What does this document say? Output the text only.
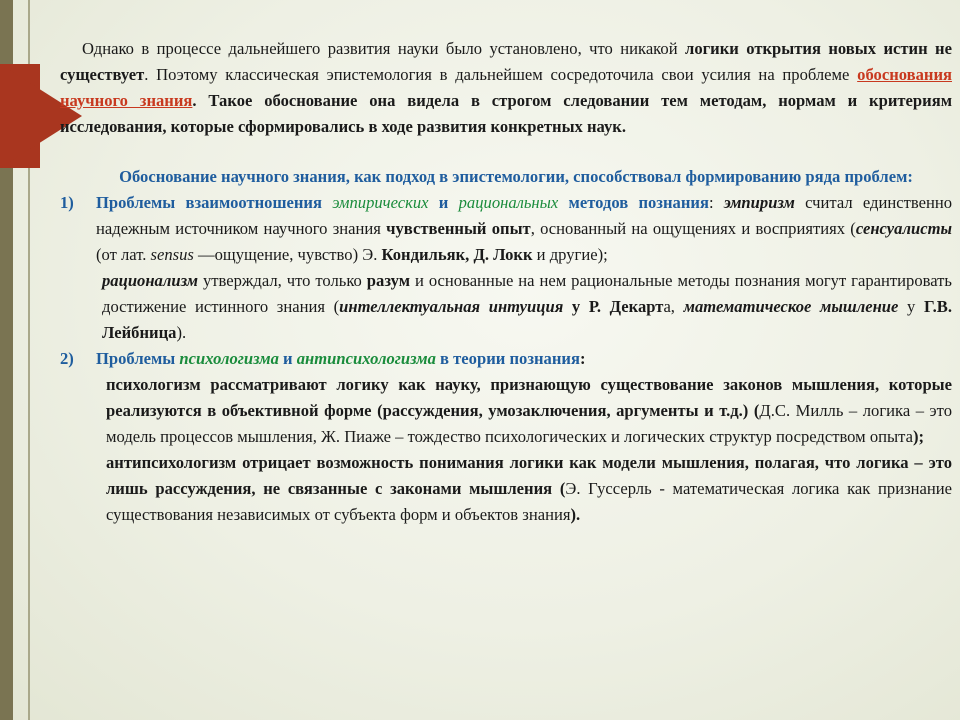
Однако в процессе дальнейшего развития науки было установлено, что никакой логики открытия новых истин не существует. Поэтому классическая эпистемология в дальнейшем сосредоточила свои усилия на проблеме обоснования научного знания. Такое обоснование она видела в строгом следовании тем методам, нормам и критериям исследования, которые сформировались в ходе развития конкретных наук.

Обоснование научного знания, как подход в эпистемологии, способствовал формированию ряда проблем:

1) Проблемы взаимоотношения эмпирических и рациональных методов познания: эмпиризм считал единственно надежным источником научного знания чувственный опыт, основанный на ощущениях и восприятиях (сенсуалисты (от лат. sensus —ощущение, чувство) Э. Кондильяк, Д. Локк и другие);

рационализм утверждал, что только разум и основанные на нем рациональные методы познания могут гарантировать достижение истинного знания (интеллектуальная интуиция у Р. Декарта, математическое мышление у Г.В. Лейбница).

2) Проблемы психологизма и антипсихологизма в теории познания:

психологизм рассматривают логику как науку, признающую существование законов мышления, которые реализуются в объективной форме (рассуждения, умозаключения, аргументы и т.д.) (Д.С. Милль – логика – это модель процессов мышления, Ж. Пиаже – тождество психологических и логических структур посредством опыта);

антипсихологизм отрицает возможность понимания логики как модели мышления, полагая, что логика – это лишь рассуждения, не связанные с законами мышления (Э. Гуссерль - математическая логика как признание существования независимых от субъекта форм и объектов знания).
